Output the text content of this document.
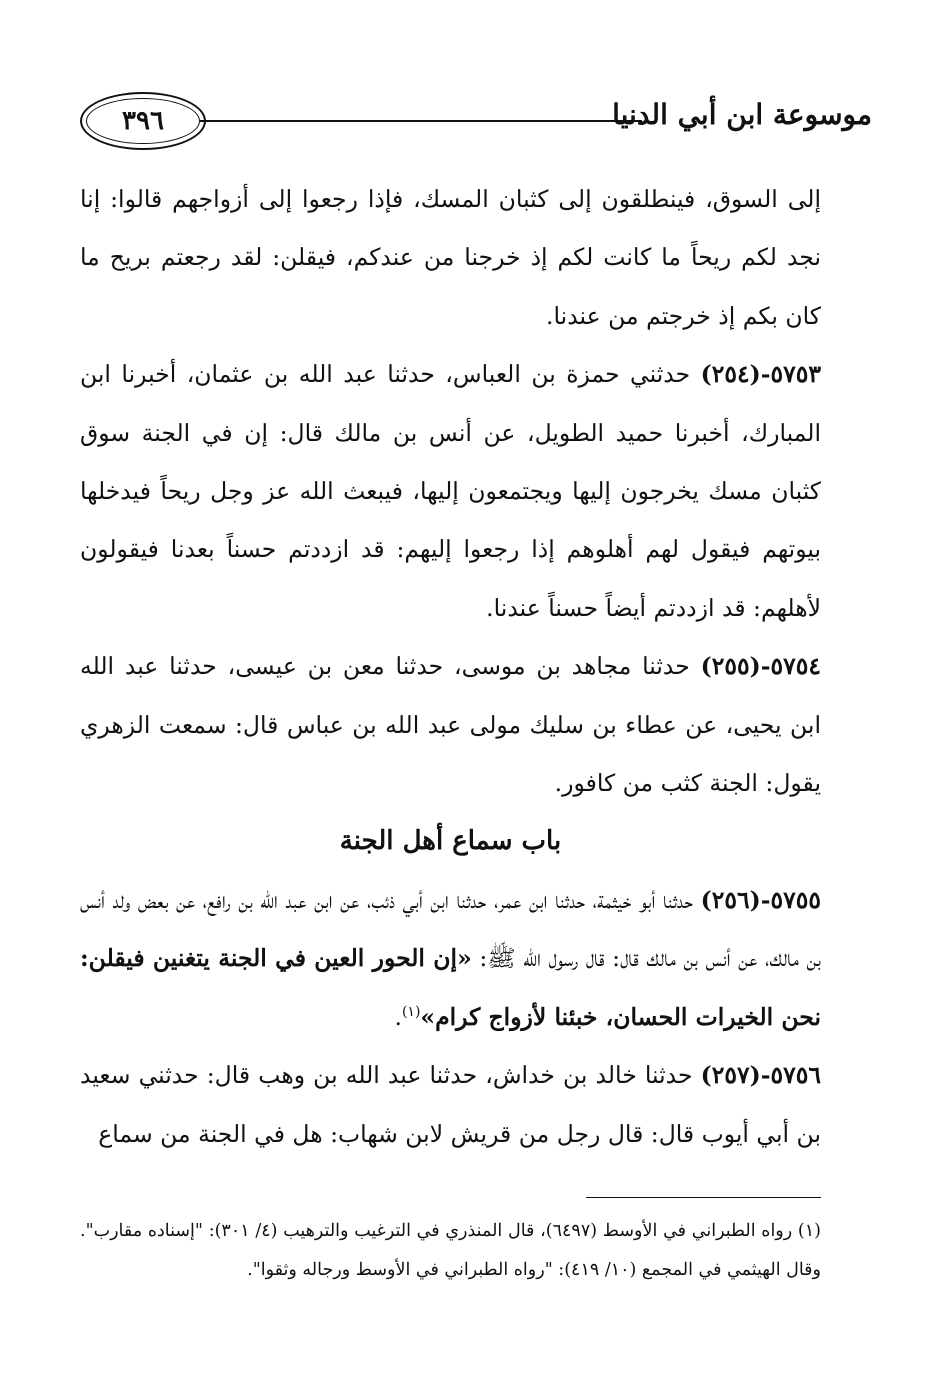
موسوعة ابن أبي الدنيا
٣٩٦

إلى السوق، فينطلقون إلى كثبان المسك، فإذا رجعوا إلى أزواجهم قالوا: إنا نجد لكم ريحاً ما كانت لكم إذ خرجنا من عندكم، فيقلن: لقد رجعتم بريح ما كان بكم إذ خرجتم من عندنا.

٥٧٥٣-(٢٥٤) حدثني حمزة بن العباس، حدثنا عبد الله بن عثمان، أخبرنا ابن المبارك، أخبرنا حميد الطويل، عن أنس بن مالك قال: إن في الجنة سوق كثبان مسك يخرجون إليها ويجتمعون إليها، فيبعث الله عز وجل ريحاً فيدخلها بيوتهم فيقول لهم أهلوهم إذا رجعوا إليهم: قد ازددتم حسناً بعدنا فيقولون لأهلهم: قد ازددتم أيضاً حسناً عندنا.

٥٧٥٤-(٢٥٥) حدثنا مجاهد بن موسى، حدثنا معن بن عيسى، حدثنا عبد الله ابن يحيى، عن عطاء بن سليك مولى عبد الله بن عباس قال: سمعت الزهري يقول: الجنة كثب من كافور.

باب سماع أهل الجنة

٥٧٥٥-(٢٥٦) حدثنا أبو خيثمة، حدثنا ابن عمر، حدثنا ابن أبي ذئب، عن ابن عبد الله بن رافع، عن بعض ولد أنس بن مالك، عن أنس بن مالك قال: قال رسول الله ﷺ: «إن الحور العين في الجنة يتغنين فيقلن: نحن الخيرات الحسان، خبئنا لأزواج كرام»$^{(١)}$.

٥٧٥٦-(٢٥٧) حدثنا خالد بن خداش، حدثنا عبد الله بن وهب قال: حدثني سعيد بن أبي أيوب قال: قال رجل من قريش لابن شهاب: هل في الجنة من سماع

(١) رواه الطبراني في الأوسط (٦٤٩٧)، قال المنذري في الترغيب والترهيب (٤/ ٣٠١): "إسناده مقارب". وقال الهيثمي في المجمع (١٠/ ٤١٩): "رواه الطبراني في الأوسط ورجاله وثقوا".
